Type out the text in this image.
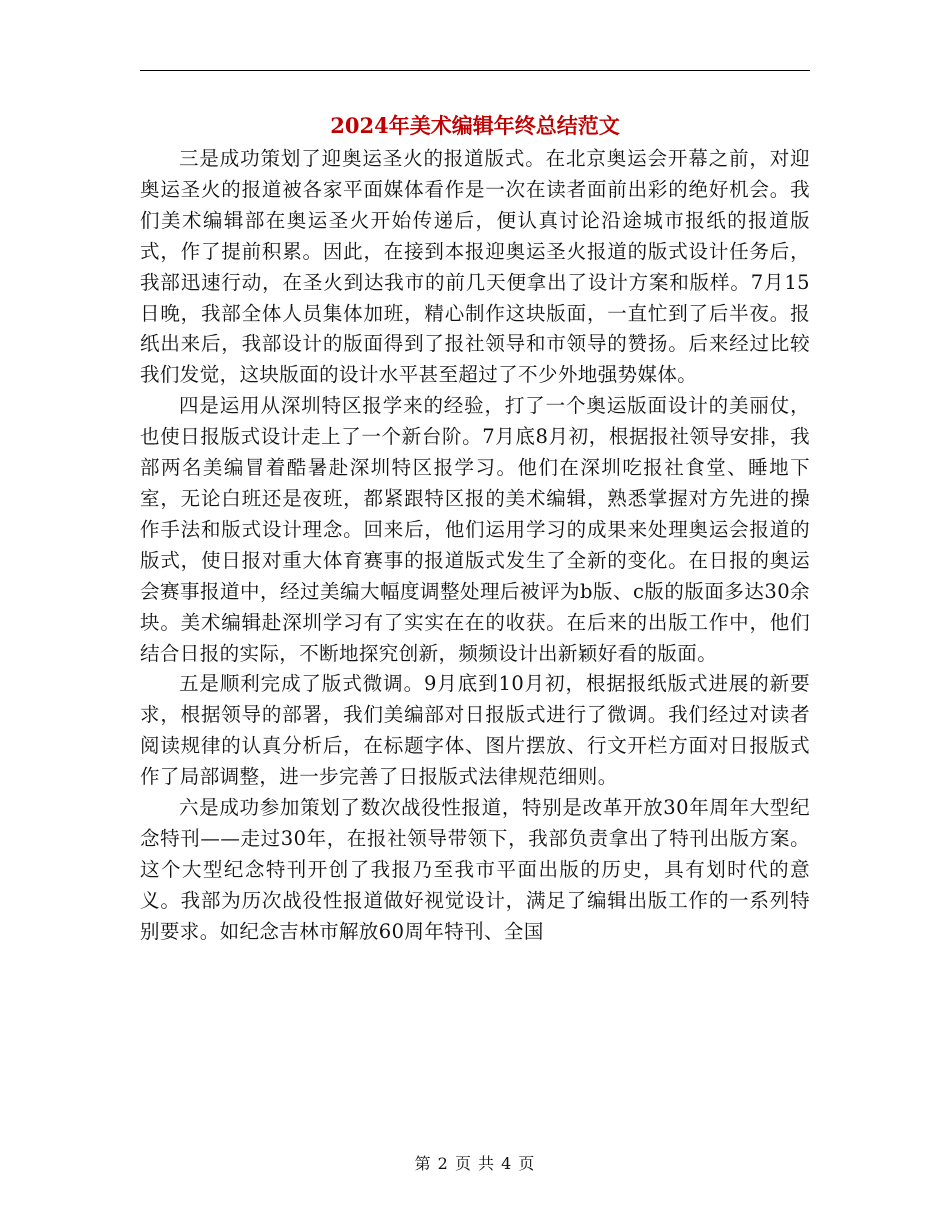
2024年美术编辑年终总结范文

三是成功策划了迎奥运圣火的报道版式。在北京奥运会开幕之前，对迎奥运圣火的报道被各家平面媒体看作是一次在读者面前出彩的绝好机会。我们美术编辑部在奥运圣火开始传递后，便认真讨论沿途城市报纸的报道版式，作了提前积累。因此，在接到本报迎奥运圣火报道的版式设计任务后，我部迅速行动，在圣火到达我市的前几天便拿出了设计方案和版样。7月15日晚，我部全体人员集体加班，精心制作这块版面，一直忙到了后半夜。报纸出来后，我部设计的版面得到了报社领导和市领导的赞扬。后来经过比较我们发觉，这块版面的设计水平甚至超过了不少外地强势媒体。

四是运用从深圳特区报学来的经验，打了一个奥运版面设计的美丽仗，也使日报版式设计走上了一个新台阶。7月底8月初，根据报社领导安排，我部两名美编冒着酷暑赴深圳特区报学习。他们在深圳吃报社食堂、睡地下室，无论白班还是夜班，都紧跟特区报的美术编辑，熟悉掌握对方先进的操作手法和版式设计理念。回来后，他们运用学习的成果来处理奥运会报道的版式，使日报对重大体育赛事的报道版式发生了全新的变化。在日报的奥运会赛事报道中，经过美编大幅度调整处理后被评为b版、c版的版面多达30余块。美术编辑赴深圳学习有了实实在在的收获。在后来的出版工作中，他们结合日报的实际，不断地探究创新，频频设计出新颖好看的版面。

五是顺利完成了版式微调。9月底到10月初，根据报纸版式进展的新要求，根据领导的部署，我们美编部对日报版式进行了微调。我们经过对读者阅读规律的认真分析后，在标题字体、图片摆放、行文开栏方面对日报版式作了局部调整，进一步完善了日报版式法律规范细则。

六是成功参加策划了数次战役性报道，特别是改革开放30年周年大型纪念特刊——走过30年，在报社领导带领下，我部负责拿出了特刊出版方案。这个大型纪念特刊开创了我报乃至我市平面出版的历史，具有划时代的意义。我部为历次战役性报道做好视觉设计，满足了编辑出版工作的一系列特别要求。如纪念吉林市解放60周年特刊、全国

第 2 页 共 4 页
